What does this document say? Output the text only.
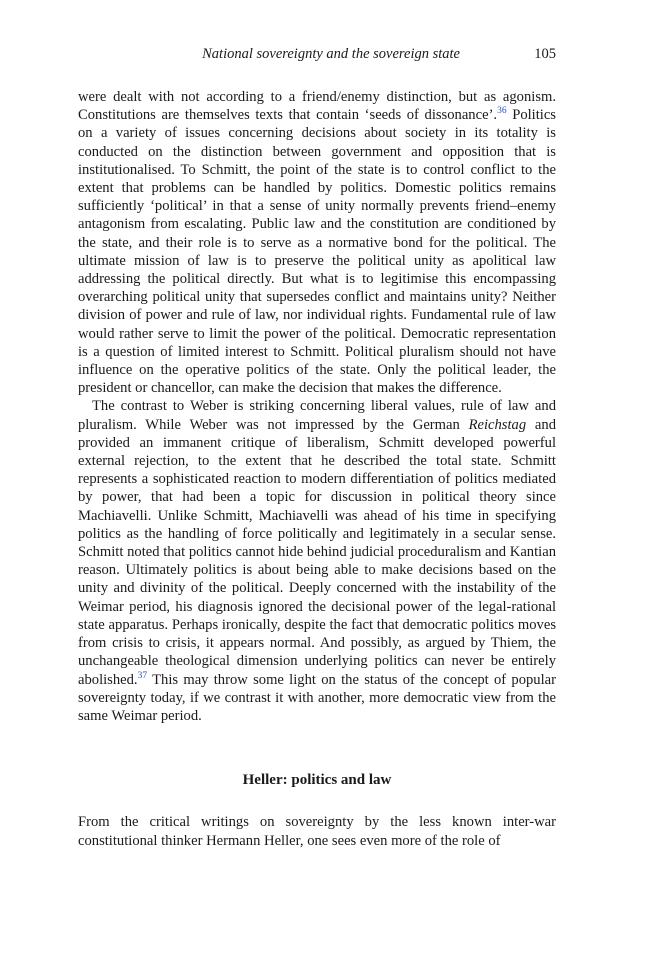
National sovereignty and the sovereign state	105

were dealt with not according to a friend/enemy distinction, but as agonism. Constitutions are themselves texts that contain ‘seeds of dissonance’.$^{36}$ Politics on a variety of issues concerning decisions about society in its totality is conducted on the distinction between government and opposition that is institutionalised. To Schmitt, the point of the state is to control conflict to the extent that problems can be handled by politics. Domestic politics remains sufficiently ‘political’ in that a sense of unity normally prevents friend–enemy antagonism from escalating. Public law and the constitution are conditioned by the state, and their role is to serve as a normative bond for the political. The ultimate mission of law is to preserve the political unity as apolitical law addressing the political directly. But what is to legitimise this encompassing overarching political unity that supersedes conflict and maintains unity? Neither division of power and rule of law, nor individual rights. Fundamental rule of law would rather serve to limit the power of the political. Democratic representation is a question of limited interest to Schmitt. Political pluralism should not have influence on the operative politics of the state. Only the political leader, the president or chancellor, can make the decision that makes the difference.

The contrast to Weber is striking concerning liberal values, rule of law and pluralism. While Weber was not impressed by the German Reichstag and provided an immanent critique of liberalism, Schmitt developed powerful external rejection, to the extent that he described the total state. Schmitt represents a sophisticated reaction to modern differentiation of politics mediated by power, that had been a topic for discussion in political theory since Machiavelli. Unlike Schmitt, Machiavelli was ahead of his time in specifying politics as the handling of force politically and legitimately in a secular sense. Schmitt noted that politics cannot hide behind judicial proceduralism and Kantian reason. Ultimately politics is about being able to make decisions based on the unity and divinity of the political. Deeply concerned with the instability of the Weimar period, his diagnosis ignored the decisional power of the legal-rational state apparatus. Perhaps ironically, despite the fact that democratic politics moves from crisis to crisis, it appears normal. And possibly, as argued by Thiem, the unchangeable theological dimension underlying politics can never be entirely abolished.$^{37}$ This may throw some light on the status of the concept of popular sovereignty today, if we contrast it with another, more democratic view from the same Weimar period.

Heller: politics and law

From the critical writings on sovereignty by the less known inter-war constitutional thinker Hermann Heller, one sees even more of the role of
